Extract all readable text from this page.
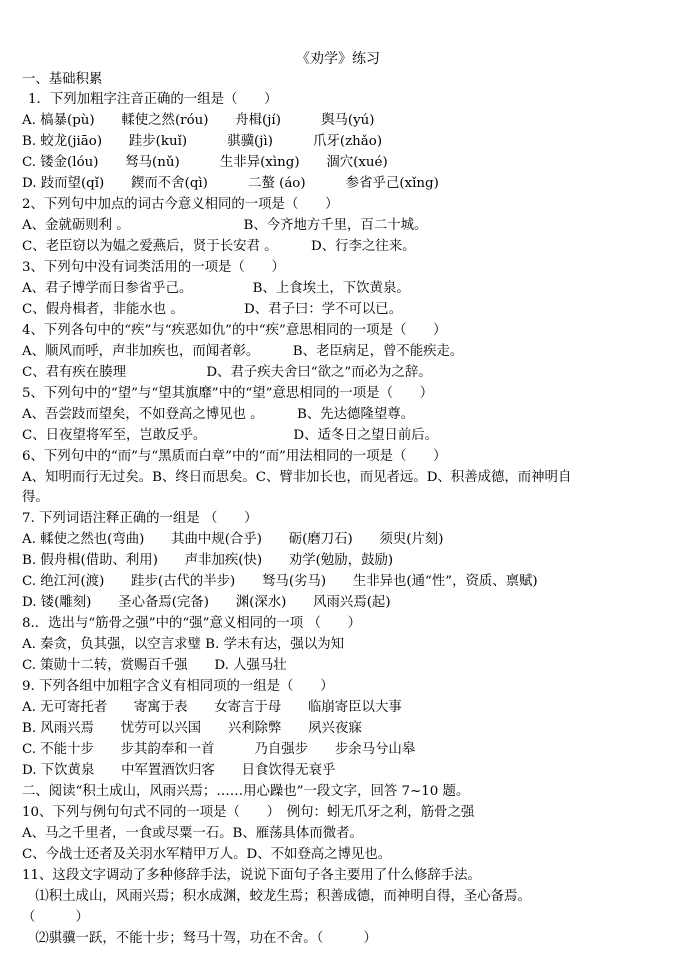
《劝学》练习
一、基础积累
1．下列加粗字注音正确的一组是（　　）
A. 槁暴(pù)　　輮使之然(róu)　　舟楫(jí)　　　舆马(yú)
B. 蛟龙(jiāo)　　跬步(kuǐ)　　　骐骥(jì)　　　爪牙(zhǎo)
C. 镂金(lóu)　　驽马(nǔ)　　　生非异(xìng)　　涸穴(xué)
D. 跂而望(qǐ)　　鍥而不舍(qì)　　　二螯 (áo)　　　参省乎己(xǐng)
2、下列句中加点的词古今意义相同的一项是（　　）
A、金就砺则利 。　　　　　　　　　B、今齐地方千里，百二十城。
C、老臣窃以为媪之爱燕后，贤于长安君 。　　　D、行李之往来。
3、下列句中没有词类活用的一项是（　　）
A、君子博学而日参省乎己。　　　　　B、上食埃土，下饮黄泉。
C、假舟楫者，非能水也 。　　　　　D、君子曰：学不可以已。
4、下列各句中的“疾”与“疾恶如仇”的中“疾”意思相同的一项是（　　）
A、顺风而呼，声非加疾也，而闻者彰。　　　B、老臣病足，曾不能疾走。
C、君有疾在腠理　　　　　　D、君子疾夫舍曰“欲之”而必为之辞。
5、下列句中的“望”与“望其旗靡”中的“望”意思相同的一项是（　　）
A、吾尝跂而望矣，不如登高之博见也 。　　　B、先达德隆望尊。
C、日夜望将军至，岂敢反乎。　　　　　　　D、适冬日之望日前后。
6、下列句中的“而”与“黑质而白章”中的“而”用法相同的一项是（　　）
A、知明而行无过矣。B、终日而思矣。C、臂非加长也，而见者远。D、积善成德，而神明自
得。
7. 下列词语注释正确的一组是 （　　）
A. 輮使之然也(弯曲)　　其曲中规(合乎)　　砺(磨刀石)　　须臾(片刻)
B. 假舟楫(借助、利用)　　声非加疾(快)　　劝学(勉励，鼓励)
C. 绝江河(渡)　　跬步(古代的半步)　　驽马(劣马)　　生非异也(通“性”，资质、禀赋)
D. 镂(雕刻)　　圣心备焉(完备)　　渊(深水)　　风雨兴焉(起)
8.．选出与“筋骨之强”中的“强”意义相同的一项 （　　）
A. 秦贪，负其强，以空言求璧 B. 学未有达，强以为知
C. 策勋十二转，赏赐百千强　　D. 人强马壮
9. 下列各组中加粗字含义有相同项的一组是（　　）
A. 无可寄托者　　寄寓于表　　女寄言于母　　临崩寄臣以大事
B. 风雨兴焉　　忧劳可以兴国　　兴利除弊　　夙兴夜寐
C. 不能十步　　步其韵奉和一首　　　乃自强步　　步余马兮山皋
D. 下饮黄泉　　中军置酒饮归客　　日食饮得无衰乎
二、阅读“积土成山，风雨兴焉；……用心躁也”一段文字，回答 7~10 题。
10、下列与例句句式不同的一项是（　　）　例句：蚓无爪牙之利，筋骨之强
A、马之千里者，一食或尽粟一石。B、雁荡具体而微者。
C、今战士还者及关羽水军精甲万人。D、不如登高之博见也。
11、这段文字调动了多种修辞手法，说说下面句子各主要用了什么修辞手法。
　⑴积土成山，风雨兴焉；积水成渊，蛟龙生焉；积善成德，而神明自得，圣心备焉。
（　　　）
　⑵骐骥一跃，不能十步；驽马十驾，功在不舍。（　　　）
